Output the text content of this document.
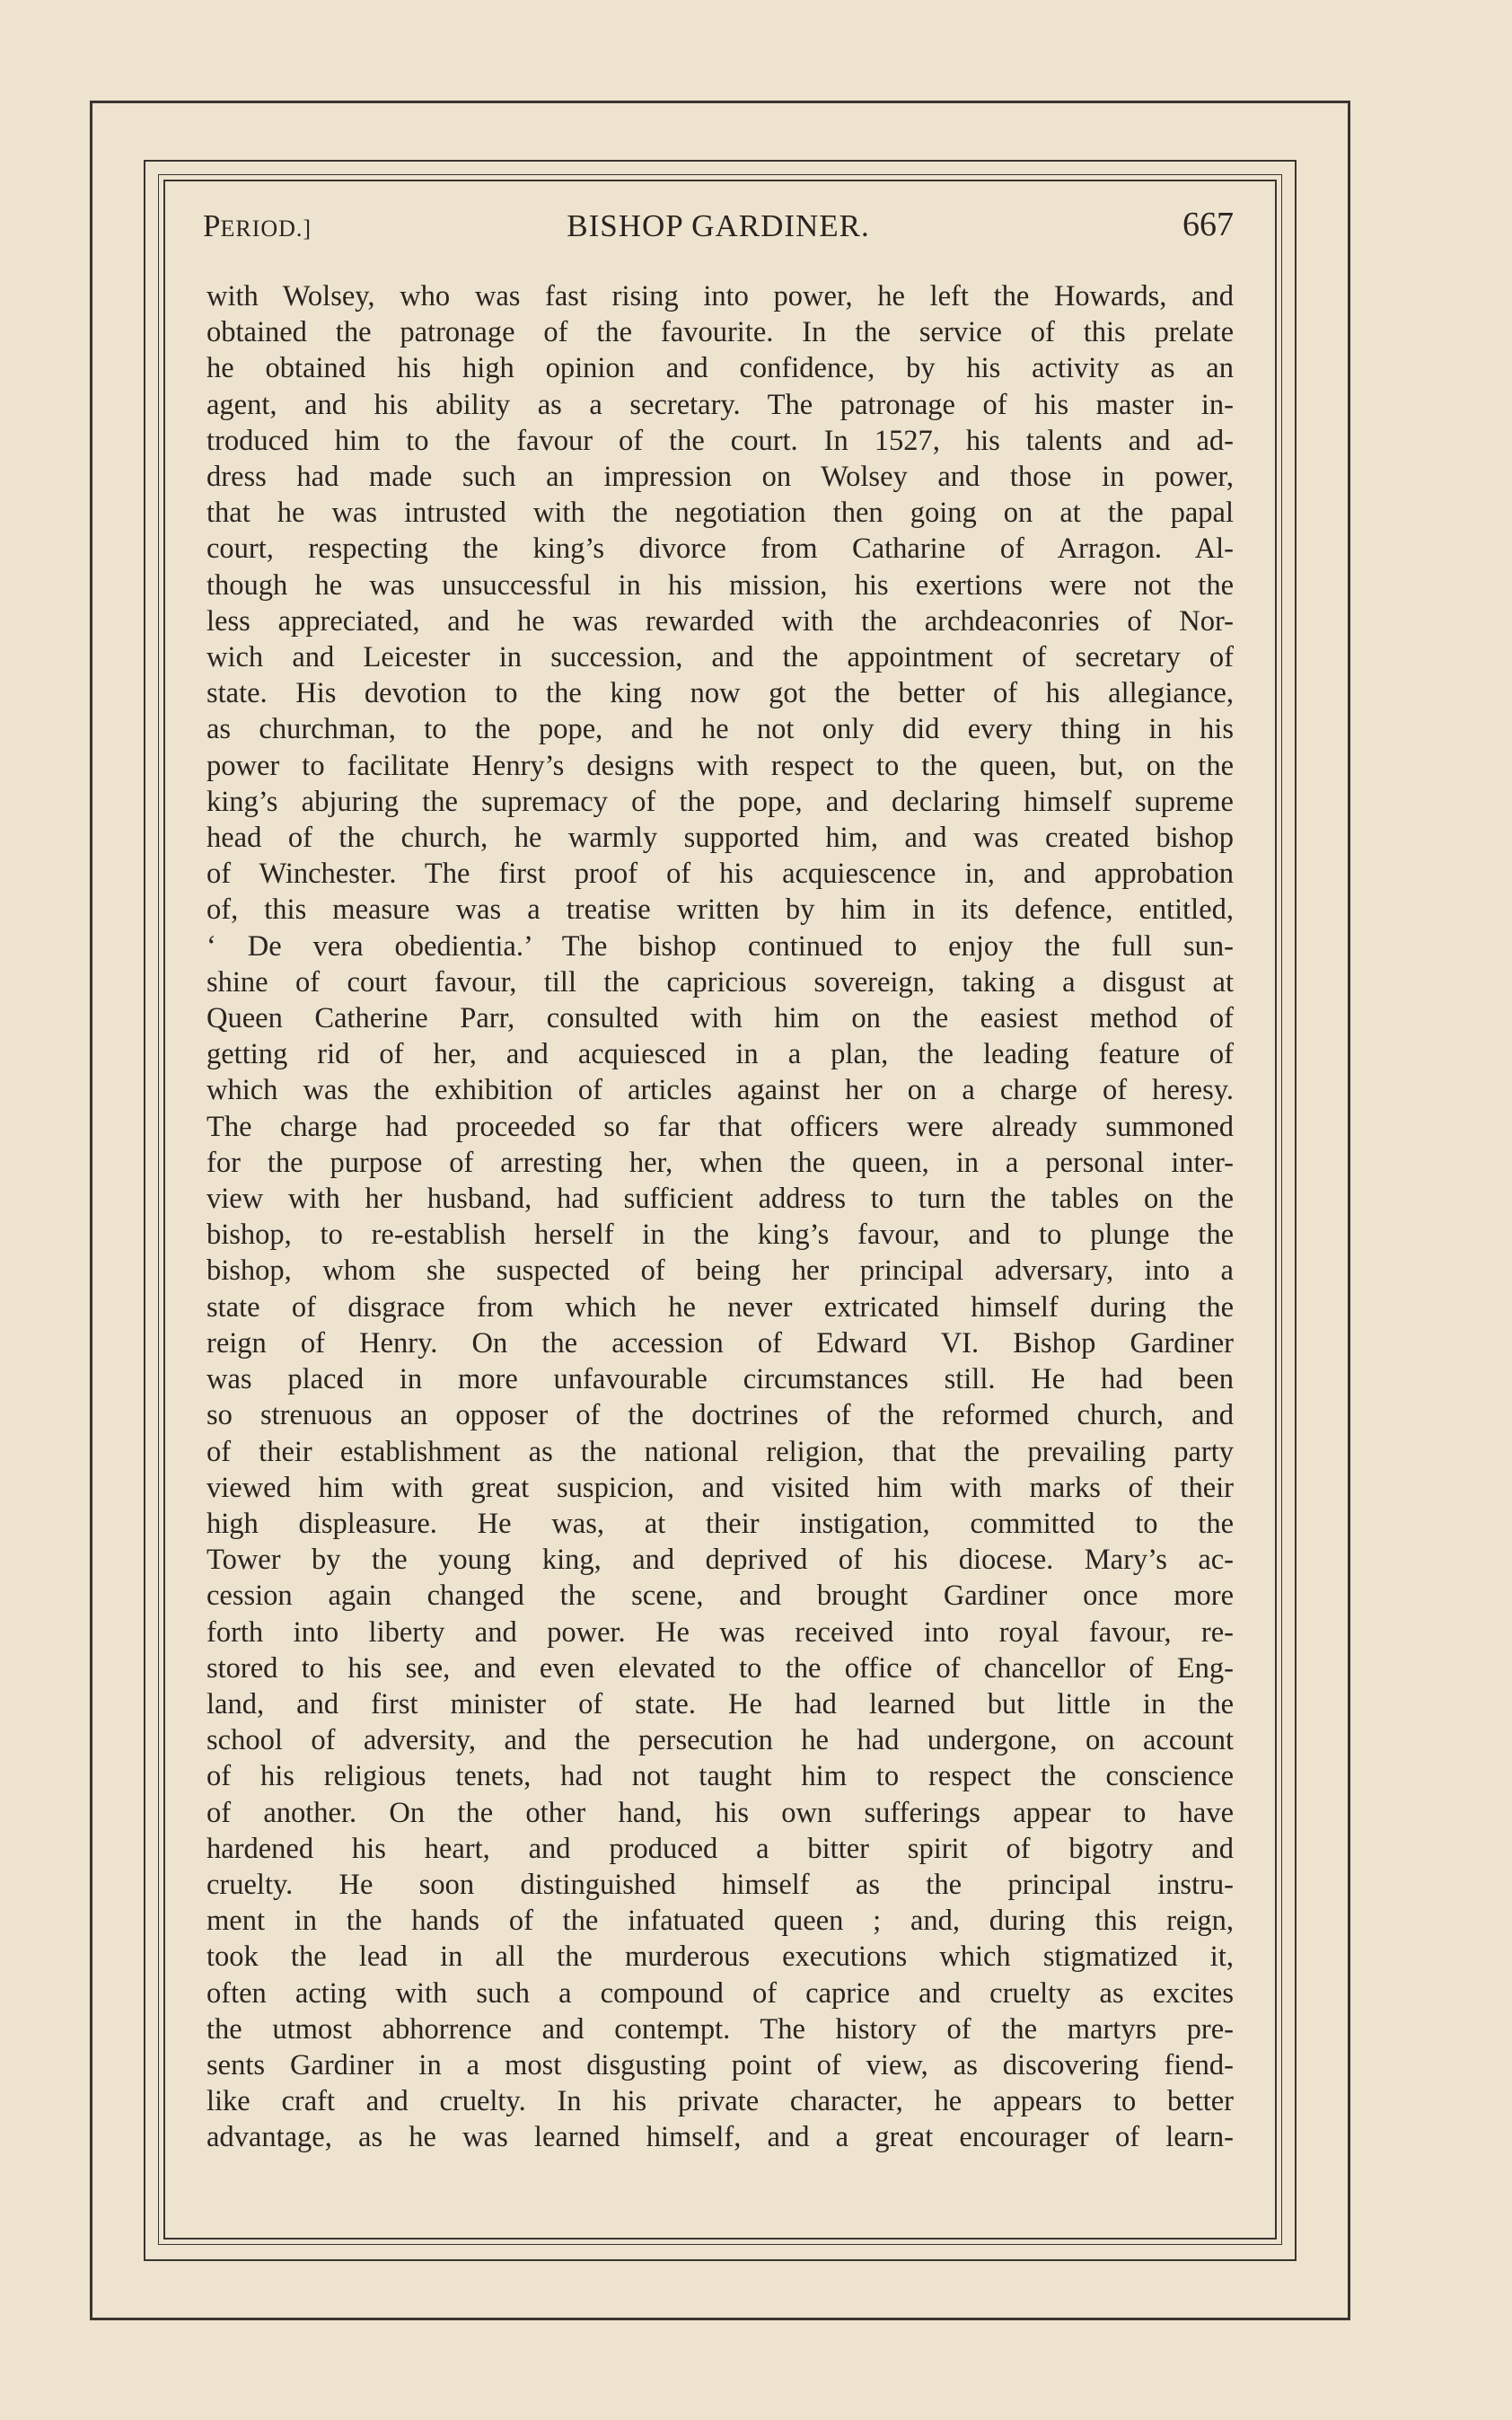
PERIOD.]	BISHOP GARDINER.	667
with Wolsey, who was fast rising into power, he left the Howards, and
obtained the patronage of the favourite. In the service of this prelate
he obtained his high opinion and confidence, by his activity as an
agent, and his ability as a secretary. The patronage of his master in-
troduced him to the favour of the court. In 1527, his talents and ad-
dress had made such an impression on Wolsey and those in power,
that he was intrusted with the negotiation then going on at the papal
court, respecting the king’s divorce from Catharine of Arragon. Al-
though he was unsuccessful in his mission, his exertions were not the
less appreciated, and he was rewarded with the archdeaconries of Nor-
wich and Leicester in succession, and the appointment of secretary of
state. His devotion to the king now got the better of his allegiance,
as churchman, to the pope, and he not only did every thing in his
power to facilitate Henry’s designs with respect to the queen, but, on the
king’s abjuring the supremacy of the pope, and declaring himself supreme
head of the church, he warmly supported him, and was created bishop
of Winchester. The first proof of his acquiescence in, and approbation
of, this measure was a treatise written by him in its defence, entitled,
‘ De vera obedientia.’ The bishop continued to enjoy the full sun-
shine of court favour, till the capricious sovereign, taking a disgust at
Queen Catherine Parr, consulted with him on the easiest method of
getting rid of her, and acquiesced in a plan, the leading feature of
which was the exhibition of articles against her on a charge of heresy.
The charge had proceeded so far that officers were already summoned
for the purpose of arresting her, when the queen, in a personal inter-
view with her husband, had sufficient address to turn the tables on the
bishop, to re-establish herself in the king’s favour, and to plunge the
bishop, whom she suspected of being her principal adversary, into a
state of disgrace from which he never extricated himself during the
reign of Henry. On the accession of Edward VI. Bishop Gardiner
was placed in more unfavourable circumstances still. He had been
so strenuous an opposer of the doctrines of the reformed church, and
of their establishment as the national religion, that the prevailing party
viewed him with great suspicion, and visited him with marks of their
high displeasure. He was, at their instigation, committed to the
Tower by the young king, and deprived of his diocese. Mary’s ac-
cession again changed the scene, and brought Gardiner once more
forth into liberty and power. He was received into royal favour, re-
stored to his see, and even elevated to the office of chancellor of Eng-
land, and first minister of state. He had learned but little in the
school of adversity, and the persecution he had undergone, on account
of his religious tenets, had not taught him to respect the conscience
of another. On the other hand, his own sufferings appear to have
hardened his heart, and produced a bitter spirit of bigotry and
cruelty. He soon distinguished himself as the principal instru-
ment in the hands of the infatuated queen ; and, during this reign,
took the lead in all the murderous executions which stigmatized it,
often acting with such a compound of caprice and cruelty as excites
the utmost abhorrence and contempt. The history of the martyrs pre-
sents Gardiner in a most disgusting point of view, as discovering fiend-
like craft and cruelty. In his private character, he appears to better
advantage, as he was learned himself, and a great encourager of learn-
